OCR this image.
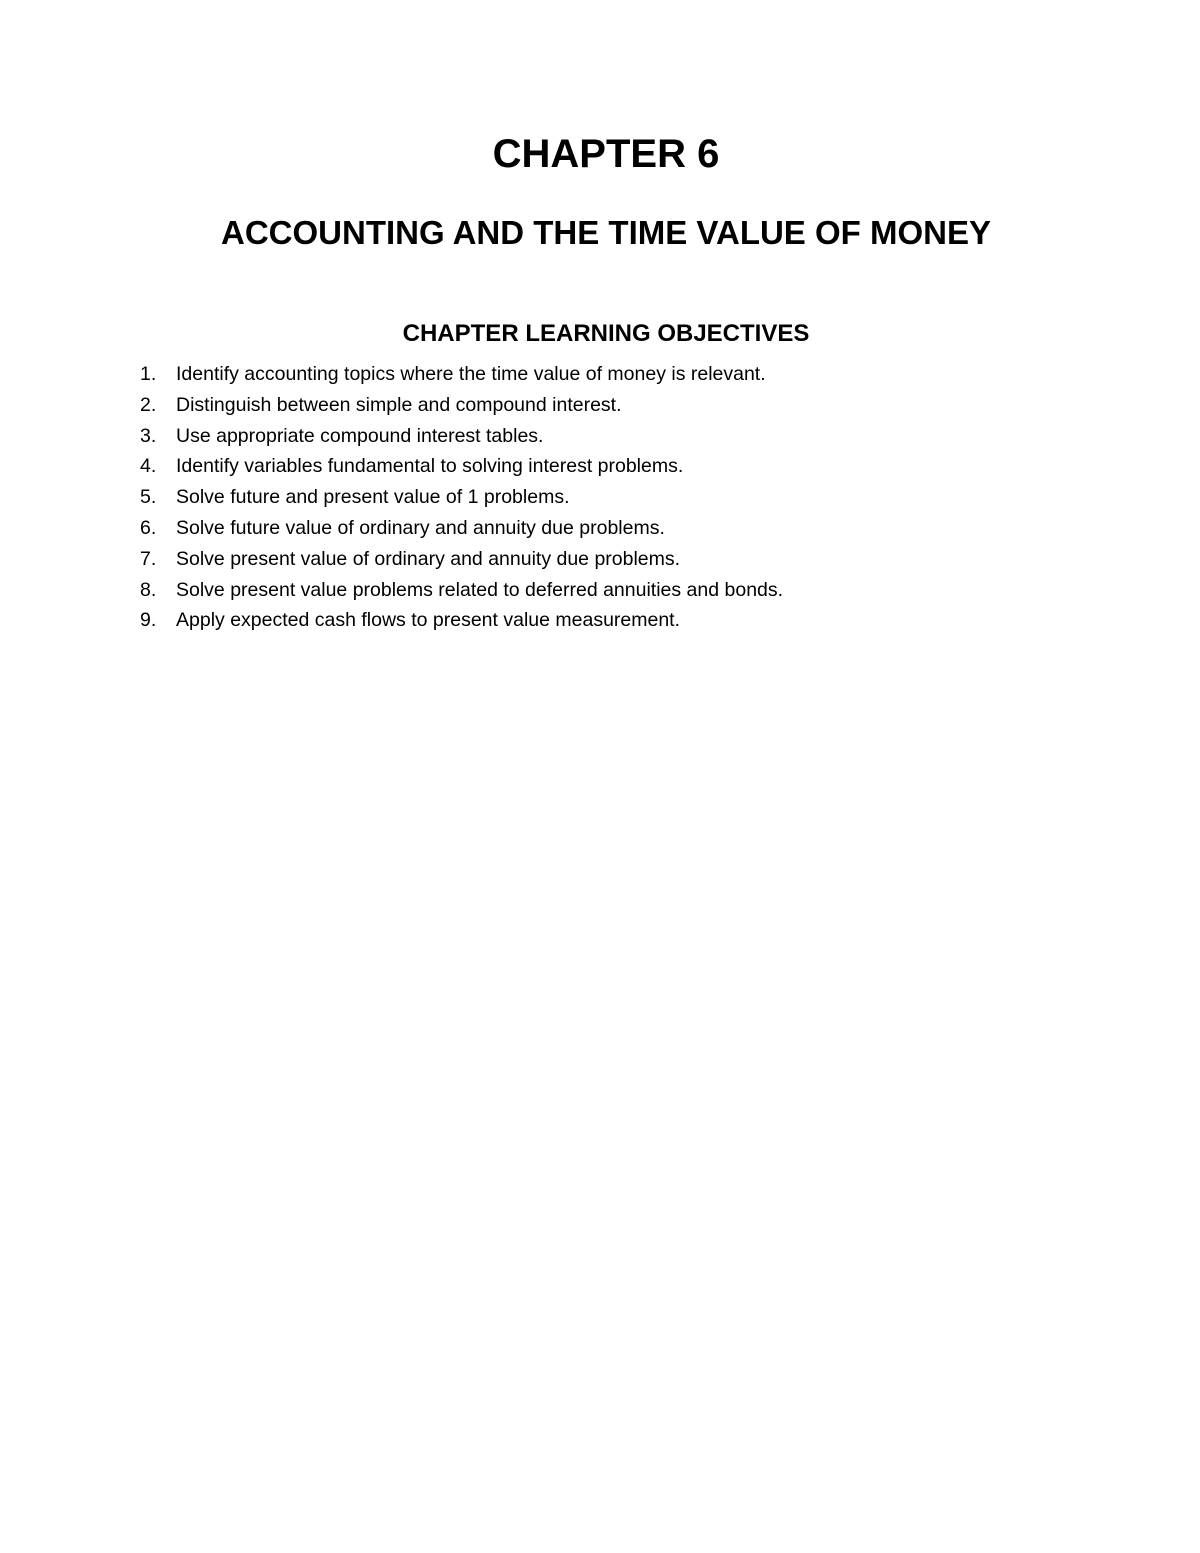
CHAPTER 6
ACCOUNTING AND THE TIME VALUE OF MONEY
CHAPTER LEARNING OBJECTIVES
1.	Identify accounting topics where the time value of money is relevant.
2.	Distinguish between simple and compound interest.
3.	Use appropriate compound interest tables.
4.	Identify variables fundamental to solving interest problems.
5.	Solve future and present value of 1 problems.
6.	Solve future value of ordinary and annuity due problems.
7.	Solve present value of ordinary and annuity due problems.
8.	Solve present value problems related to deferred annuities and bonds.
9.	Apply expected cash flows to present value measurement.
